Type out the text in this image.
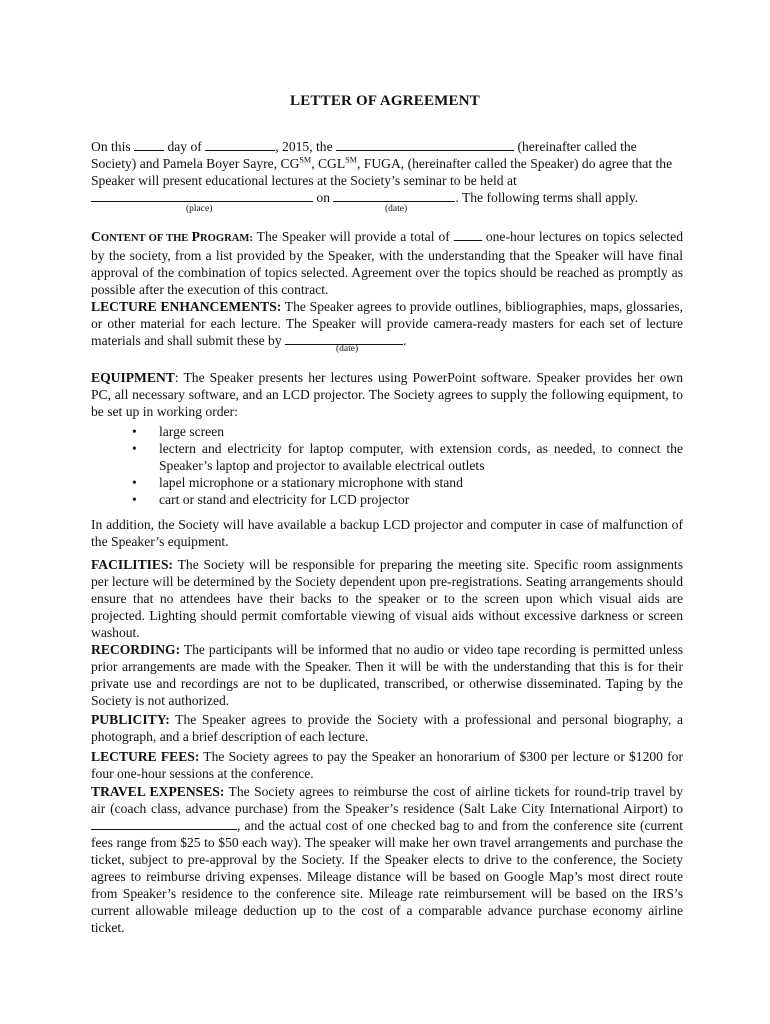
LETTER OF AGREEMENT

On this	day of	, 2015, the	(hereinafter called the
Society) and Pamela Boyer Sayre, CG℠, CGL℠, FUGA, (hereinafter called the Speaker) do agree that the
Speaker will present educational lectures at the Society’s seminar to be held at
on	. The following terms shall apply.

(place)	(date)

CONTENT OF THE PROGRAM: The Speaker will provide a total of  one-hour lectures on topics selected by the society, from a list provided by the Speaker, with the understanding that the Speaker will have final approval of the combination of topics selected. Agreement over the topics should be reached as promptly as possible after the execution of this contract.

LECTURE ENHANCEMENTS: The Speaker agrees to provide outlines, bibliographies, maps, glossaries, or other material for each lecture. The Speaker will provide camera-ready masters for each set of lecture materials and shall submit these by	.

(date)

EQUIPMENT: The Speaker presents her lectures using PowerPoint software. Speaker provides her own PC, all necessary software, and an LCD projector. The Society agrees to supply the following equipment, to be set up in working order:

• large screen
• lectern and electricity for laptop computer, with extension cords, as needed, to connect the Speaker’s laptop and projector to available electrical outlets
• lapel microphone or a stationary microphone with stand
• cart or stand and electricity for LCD projector

In addition, the Society will have available a backup LCD projector and computer in case of malfunction of the Speaker’s equipment.

FACILITIES: The Society will be responsible for preparing the meeting site. Specific room assignments per lecture will be determined by the Society dependent upon pre-registrations. Seating arrangements should ensure that no attendees have their backs to the speaker or to the screen upon which visual aids are projected. Lighting should permit comfortable viewing of visual aids without excessive darkness or screen washout.

RECORDING: The participants will be informed that no audio or video tape recording is permitted unless prior arrangements are made with the Speaker. Then it will be with the understanding that this is for their private use and recordings are not to be duplicated, transcribed, or otherwise disseminated. Taping by the Society is not authorized.

PUBLICITY: The Speaker agrees to provide the Society with a professional and personal biography, a photograph, and a brief description of each lecture.

LECTURE FEES: The Society agrees to pay the Speaker an honorarium of $300 per lecture or $1200 for four one-hour sessions at the conference.

TRAVEL EXPENSES: The Society agrees to reimburse the cost of airline tickets for round-trip travel by air (coach class, advance purchase) from the Speaker’s residence (Salt Lake City International Airport) to , and the actual cost of one checked bag to and from the conference site (current fees range from $25 to $50 each way). The speaker will make her own travel arrangements and purchase the ticket, subject to pre-approval by the Society. If the Speaker elects to drive to the conference, the Society agrees to reimburse driving expenses. Mileage distance will be based on Google Map’s most direct route from Speaker’s residence to the conference site. Mileage rate reimbursement will be based on the IRS’s current allowable mileage deduction up to the cost of a comparable advance purchase economy airline ticket.
